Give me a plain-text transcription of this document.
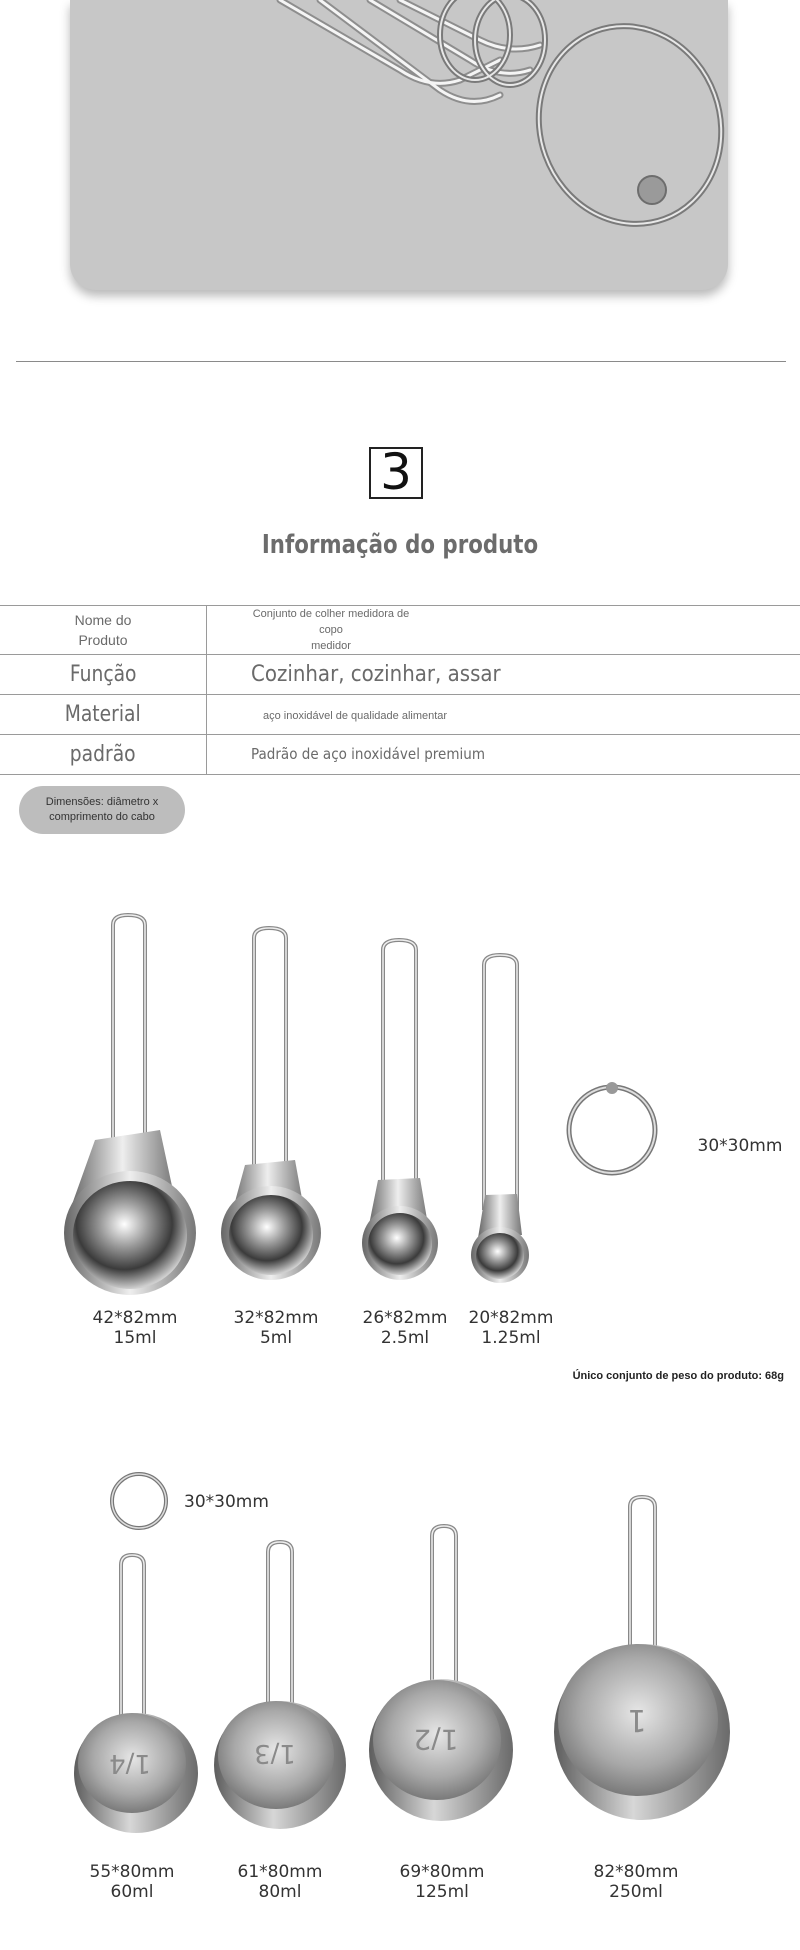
3
Informação do produto
Nome do
Produto	Conjunto de colher medidora de copo
medidor

Função	Cozinhar, cozinhar, assar
Material	aço inoxidável de qualidade alimentar
padrão	Padrão de aço inoxidável premium
Dimensões: diâmetro x comprimento do cabo
30*30mm
42*82mm
15ml
32*82mm
5ml
26*82mm
2.5ml
20*82mm
1.25ml
Único conjunto de peso do produto: 68g
1/4	1/3	1/2
1
30*30mm
55*80mm
60ml
61*80mm
80ml
69*80mm
125ml
82*80mm
250ml
